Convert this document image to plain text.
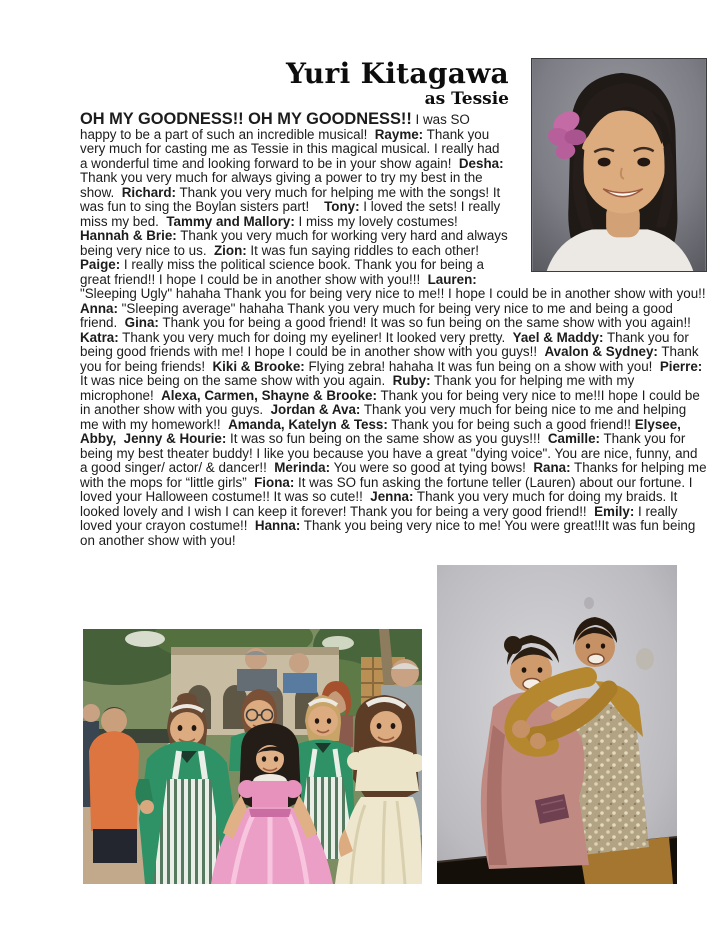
Yuri Kitagawa
as Tessie

OH MY GOODNESS!! OH MY GOODNESS!! I was SO happy to be a part of such an incredible musical!  Rayme: Thank you very much for casting me as Tessie in this magical musical. I really had a wonderful time and looking forward to be in your show again!  Desha: Thank you very much for always giving a power to try my best in the show.  Richard: Thank you very much for helping me with the songs! It was fun to sing the Boylan sisters part!    Tony: I loved the sets! I really miss my bed.  Tammy and Mallory: I miss my lovely costumes! Hannah & Brie: Thank you very much for working very hard and always being very nice to us.  Zion: It was fun saying riddles to each other!  Paige: I really miss the political science book. Thank you for being a great friend!! I hope I could be in another show with you!!!  Lauren: "Sleeping Ugly" hahaha Thank you for being very nice to me!! I hope I could be in another show with you!!  Anna: "Sleeping average" hahaha Thank you very much for being very nice to me and being a good friend.  Gina: Thank you for being a good friend! It was so fun being on the same show with you again!!  Katra: Thank you very much for doing my eyeliner! It looked very pretty.  Yael & Maddy: Thank you for being good friends with me! I hope I could be in another show with you guys!!  Avalon & Sydney: Thank you for being friends!  Kiki & Brooke: Flying zebra! hahaha It was fun being on a show with you!  Pierre: It was nice being on the same show with you again.  Ruby: Thank you for helping me with my microphone!  Alexa, Carmen, Shayne & Brooke: Thank you for being very nice to me!!I hope I could be in another show with you guys.  Jordan & Ava: Thank you very much for being nice to me and helping me with my homework!!  Amanda, Katelyn & Tess: Thank you for being such a good friend!! Elysee, Abby,  Jenny & Hourie: It was so fun being on the same show as you guys!!!  Camille: Thank you for being my best theater buddy! I like you because you have a great "dying voice". You are nice, funny, and a good singer/ actor/ & dancer!!  Merinda: You were so good at tying bows!  Rana: Thanks for helping me with the mops for “little girls”  Fiona: It was SO fun asking the fortune teller (Lauren) about our fortune. I loved your Halloween costume!! It was so cute!!  Jenna: Thank you very much for doing my braids. It looked lovely and I wish I can keep it forever! Thank you for being a very good friend!!  Emily: I really loved your crayon costume!!  Hanna: Thank you being very nice to me! You were great!!It was fun being on another show with you!
